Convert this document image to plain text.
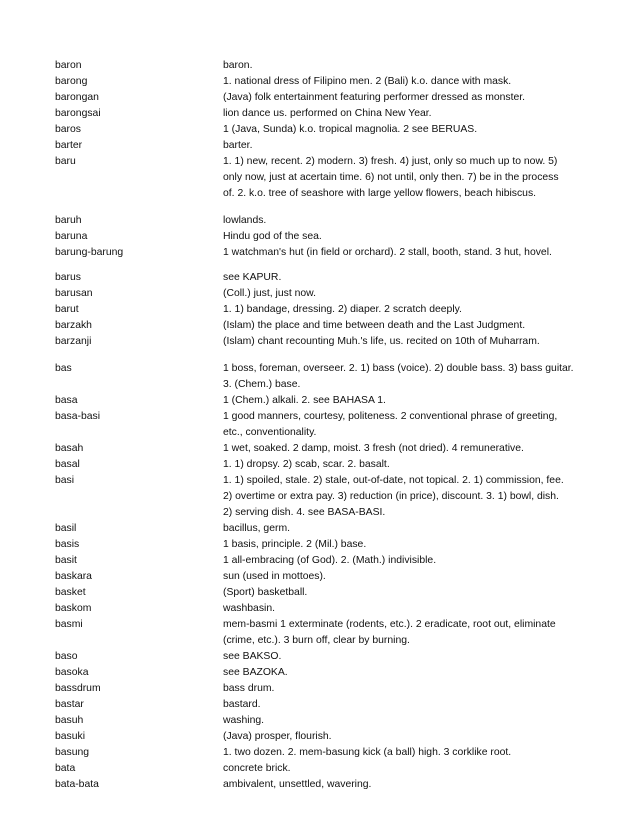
baron	baron.
barong	1. national dress of Filipino men. 2 (Bali) k.o. dance with mask.
barongan	(Java) folk entertainment featuring performer dressed as monster.
barongsai	lion dance us. performed on China New Year.
baros	1 (Java, Sunda) k.o. tropical magnolia. 2 see BERUAS.
barter	barter.
baru	1. 1) new, recent. 2) modern. 3) fresh. 4) just, only so much up to now. 5)
only now, just at acertain time. 6) not until, only then. 7) be in the process
of. 2. k.o. tree of seashore with large yellow flowers, beach hibiscus.
baruh	lowlands.
baruna	Hindu god of the sea.
barung-barung	1 watchman's hut (in field or orchard). 2 stall, booth, stand. 3 hut, hovel.
barus	see KAPUR.
barusan	(Coll.) just, just now.
barut	1. 1) bandage, dressing. 2) diaper. 2 scratch deeply.
barzakh	(Islam) the place and time between death and the Last Judgment.
barzanji	(Islam) chant recounting Muh.'s life, us. recited on 10th of Muharram.
bas	1 boss, foreman, overseer. 2. 1) bass (voice). 2) double bass. 3) bass guitar.
3. (Chem.) base.
basa	1 (Chem.) alkali. 2. see BAHASA 1.
basa-basi	1 good manners, courtesy, politeness. 2 conventional phrase of greeting,
etc., conventionality.
basah	1 wet, soaked. 2 damp, moist. 3 fresh (not dried). 4 remunerative.
basal	1. 1) dropsy. 2) scab, scar. 2. basalt.
basi	1. 1) spoiled, stale. 2) stale, out-of-date, not topical. 2. 1) commission, fee.
2) overtime or extra pay. 3) reduction (in price), discount. 3. 1) bowl, dish.
2) serving dish. 4. see BASA-BASI.
basil	bacillus, germ.
basis	1 basis, principle. 2 (Mil.) base.
basit	1 all-embracing (of God). 2. (Math.) indivisible.
baskara	sun (used in mottoes).
basket	(Sport) basketball.
baskom	washbasin.
basmi	mem-basmi 1 exterminate (rodents, etc.). 2 eradicate, root out, eliminate
(crime, etc.). 3 burn off, clear by burning.
baso	see BAKSO.
basoka	see BAZOKA.
bassdrum	bass drum.
bastar	bastard.
basuh	washing.
basuki	(Java) prosper, flourish.
basung	1. two dozen. 2. mem-basung kick (a ball) high. 3 corklike root.
bata	concrete brick.
bata-bata	ambivalent, unsettled, wavering.
